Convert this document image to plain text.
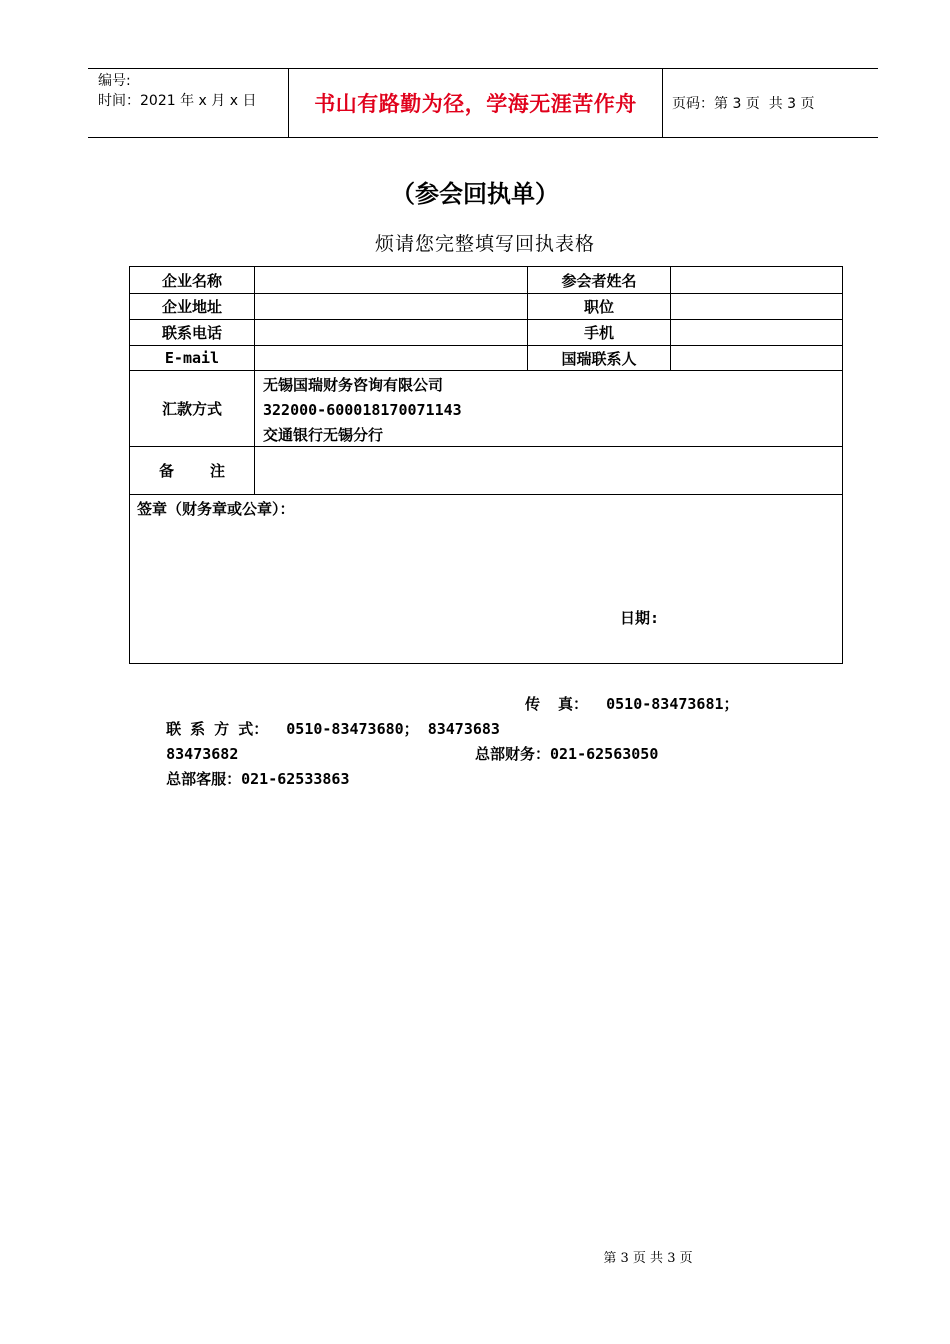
编号:
时间：2021 年 x 月 x 日	书山有路勤为径，学海无涯苦作舟	页码：第 3 页  共 3 页
（参会回执单）
烦请您完整填写回执表格
企业名称	参会者姓名
企业地址	职位
联系电话	手机
E-mail	国瑞联系人
汇款方式
无锡国瑞财务咨询有限公司
322000-600018170071143
交通银行无锡分行
备    注
签章（财务章或公章）：
日期:

联 系 方 式：  0510-83473680； 83473683

传  真：  0510-83473681；

83473682

总部客服：021-62533863

总部财务：021-62563050

第 3 页 共 3 页
